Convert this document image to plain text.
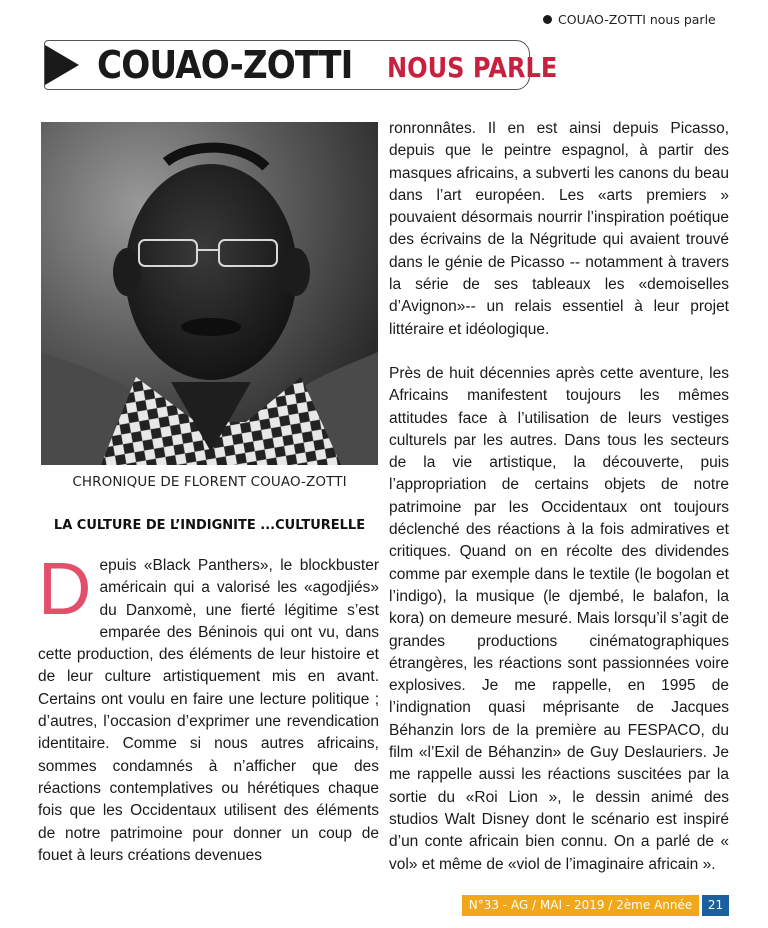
COUAO-ZOTTI nous parle
COUAO-ZOTTI NOUS PARLE
CHRONIQUE DE FLORENT COUAO-ZOTTI
LA CULTURE DE L’INDIGNITE ...CULTURELLE
D epuis «Black Panthers», le blockbuster américain qui a valorisé les «agodjiés» du Danxomè, une fierté légitime s’est emparée des Béninois qui ont vu, dans cette production, des éléments de leur histoire et de leur culture artistiquement mis en avant. Certains ont voulu en faire une lecture politique ; d’autres, l’occasion d’exprimer une revendication identitaire. Comme si nous autres africains, sommes condamnés à n’afficher que des réactions contemplatives ou hérétiques chaque fois que les Occidentaux utilisent des éléments de notre patrimoine pour donner un coup de fouet à leurs créations devenues

ronronnâtes. Il en est ainsi depuis Picasso, depuis que le peintre espagnol, à partir des masques africains, a subverti les canons du beau dans l’art européen. Les «arts premiers » pouvaient désormais nourrir l’inspiration poétique des écrivains de la Négritude qui avaient trouvé dans le génie de Picasso -- notamment à travers la série de ses tableaux les «demoiselles d’Avignon»-- un relais essentiel à leur projet littéraire et idéologique.

Près de huit décennies après cette aventure, les Africains manifestent toujours les mêmes attitudes face à l’utilisation de leurs vestiges culturels par les autres. Dans tous les secteurs de la vie artistique, la découverte, puis l’appropriation de certains objets de notre patrimoine par les Occidentaux ont toujours déclenché des réactions à la fois admiratives et critiques. Quand on en récolte des dividendes comme par exemple dans le textile (le bogolan et l’indigo), la musique (le djembé, le balafon, la kora) on demeure mesuré. Mais lorsqu’il s’agit de grandes productions cinématographiques étrangères, les réactions sont passionnées voire explosives. Je me rappelle, en 1995 de l’indignation quasi méprisante de Jacques Béhanzin lors de la première au FESPACO, du film «l’Exil de Béhanzin» de Guy Deslauriers. Je me rappelle aussi les réactions suscitées par la sortie du «Roi Lion », le dessin animé des studios Walt Disney dont le scénario est inspiré d’un conte africain bien connu. On a parlé de « vol» et même de «viol de l’imaginaire africain ».

N°33 - AG / MAI - 2019 / 2ème Année	21
